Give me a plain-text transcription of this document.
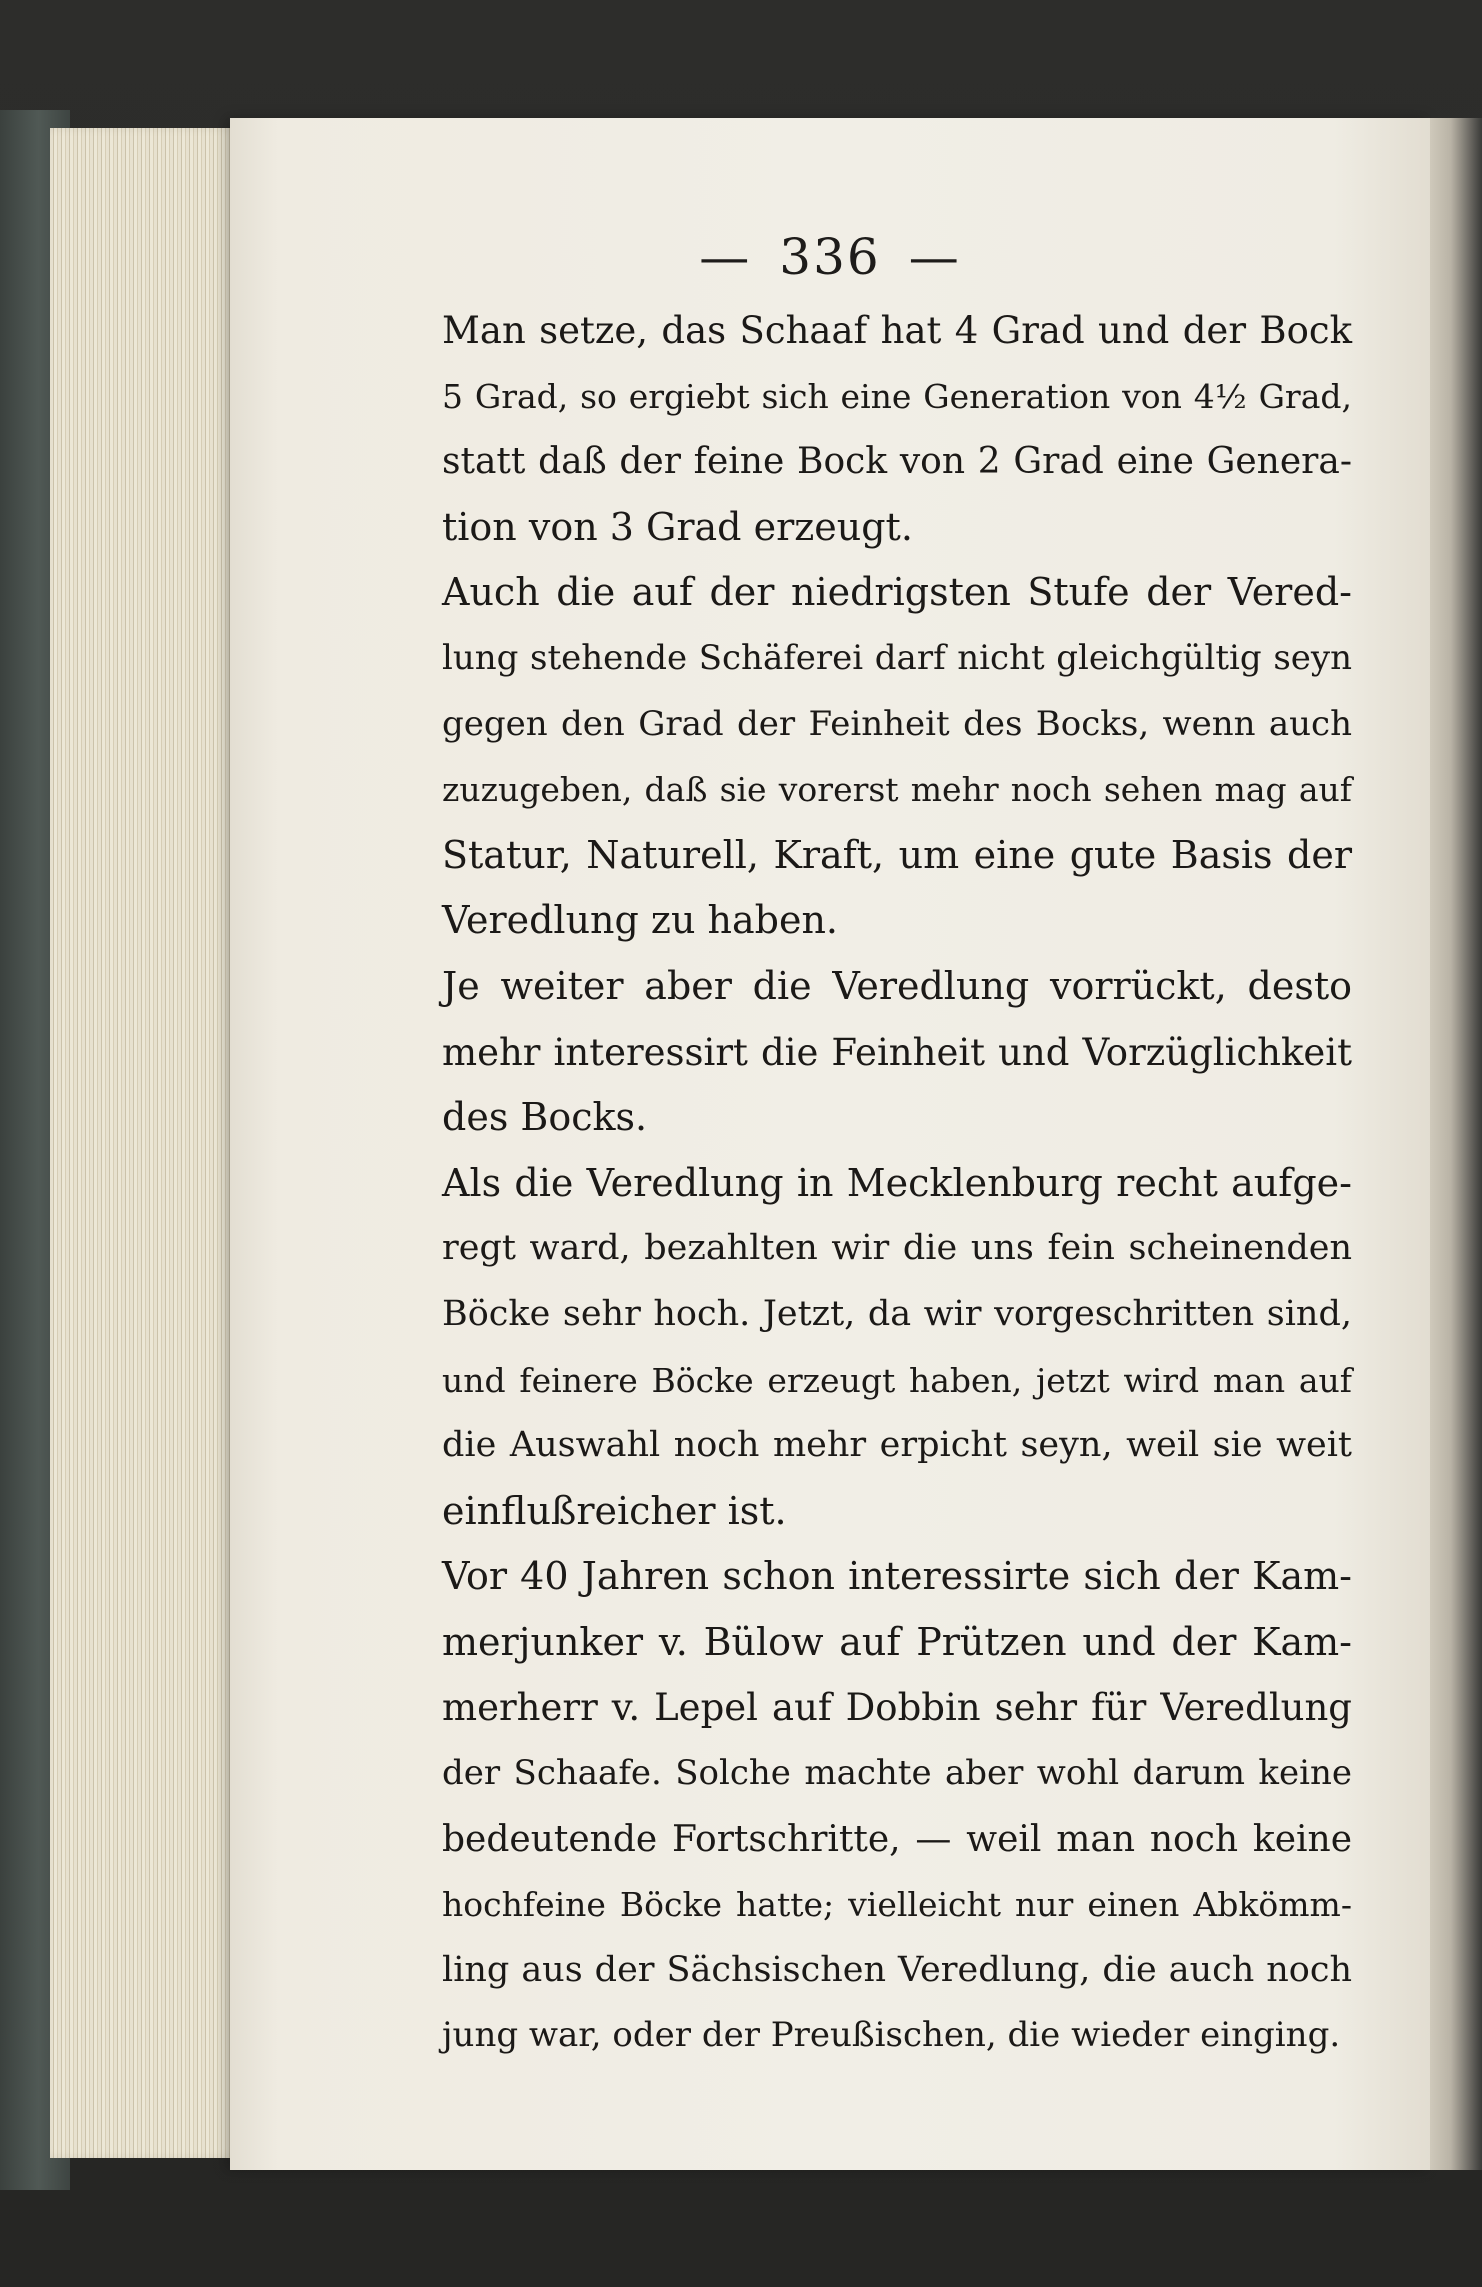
— 336 —
Man setze, das Schaaf hat 4 Grad und der Bock
5 Grad, so ergiebt sich eine Generation von 4½ Grad,
statt daß der feine Bock von 2 Grad eine Genera-
tion von 3 Grad erzeugt.
Auch die auf der niedrigsten Stufe der Vered-
lung stehende Schäferei darf nicht gleichgültig seyn
gegen den Grad der Feinheit des Bocks, wenn auch
zuzugeben, daß sie vorerst mehr noch sehen mag auf
Statur, Naturell, Kraft, um eine gute Basis der
Veredlung zu haben.
Je weiter aber die Veredlung vorrückt, desto
mehr interessirt die Feinheit und Vorzüglichkeit
des Bocks.
Als die Veredlung in Mecklenburg recht aufge-
regt ward, bezahlten wir die uns fein scheinenden
Böcke sehr hoch. Jetzt, da wir vorgeschritten sind,
und feinere Böcke erzeugt haben, jetzt wird man auf
die Auswahl noch mehr erpicht seyn, weil sie weit
einflußreicher ist.
Vor 40 Jahren schon interessirte sich der Kam-
merjunker v. Bülow auf Prützen und der Kam-
merherr v. Lepel auf Dobbin sehr für Veredlung
der Schaafe. Solche machte aber wohl darum keine
bedeutende Fortschritte, — weil man noch keine
hochfeine Böcke hatte; vielleicht nur einen Abkömm-
ling aus der Sächsischen Veredlung, die auch noch
jung war, oder der Preußischen, die wieder einging.
